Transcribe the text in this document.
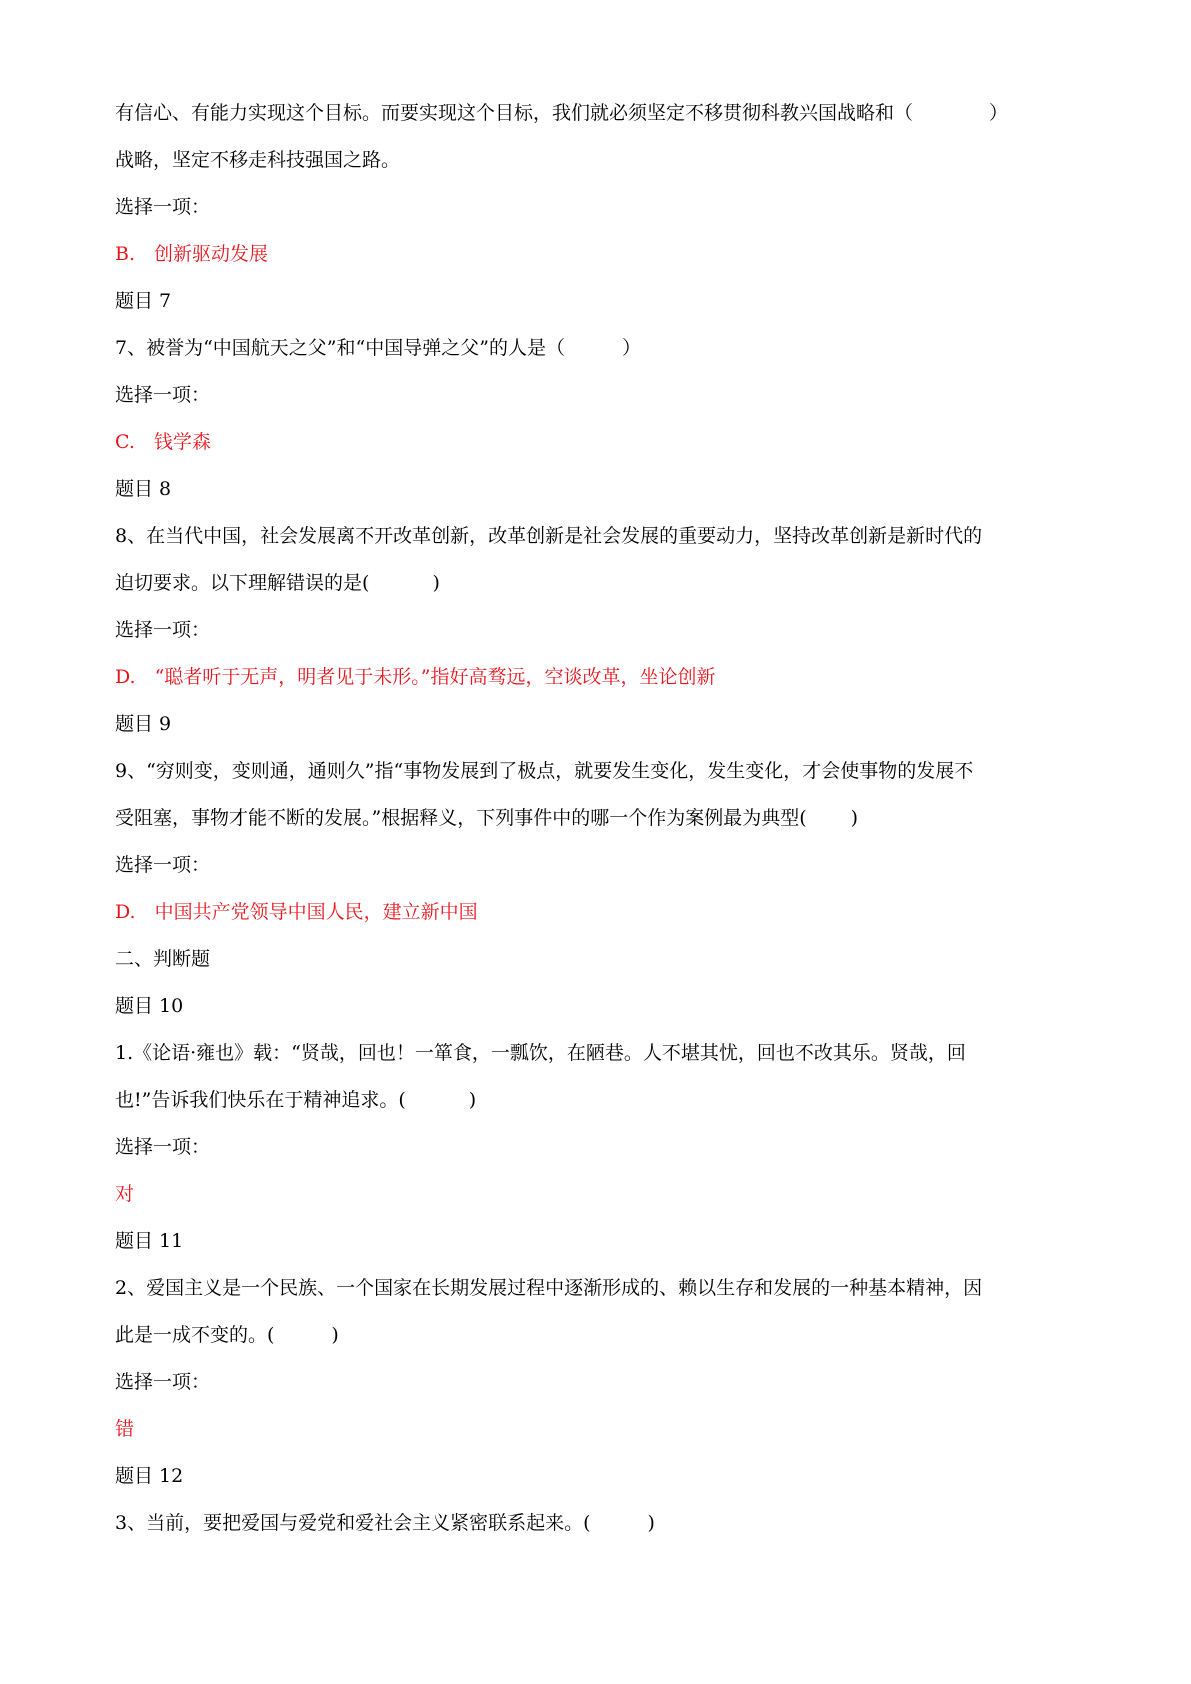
有信心、有能力实现这个目标。而要实现这个目标，我们就必须坚定不移贯彻科教兴国战略和（　　　　）
战略，坚定不移走科技强国之路。
选择一项：
B.　创新驱动发展
题目 7
7、被誉为“中国航天之父”和“中国导弹之父”的人是（　　　）
选择一项：
C.　钱学森
题目 8
8、在当代中国，社会发展离不开改革创新，改革创新是社会发展的重要动力，坚持改革创新是新时代的
迫切要求。以下理解错误的是(　　　 )
选择一项：
D.　“聪者听于无声，明者见于未形。”指好高骛远，空谈改革，坐论创新
题目 9
9、“穷则变，变则通，通则久”指“事物发展到了极点，就要发生变化，发生变化，才会使事物的发展不
受阻塞，事物才能不断的发展。”根据释义，下列事件中的哪一个作为案例最为典型(　　 )
选择一项：
D.　中国共产党领导中国人民，建立新中国
二、判断题
题目 10
1.《论语·雍也》载：“贤哉，回也！一箪食，一瓢饮，在陋巷。人不堪其忧，回也不改其乐。贤哉，回
也!”告诉我们快乐在于精神追求。(　　　 )
选择一项：
对
题目 11
2、爱国主义是一个民族、一个国家在长期发展过程中逐渐形成的、赖以生存和发展的一种基本精神，因
此是一成不变的。(　　　)
选择一项：
错
题目 12
3、当前，要把爱国与爱党和爱社会主义紧密联系起来。(　　　)
